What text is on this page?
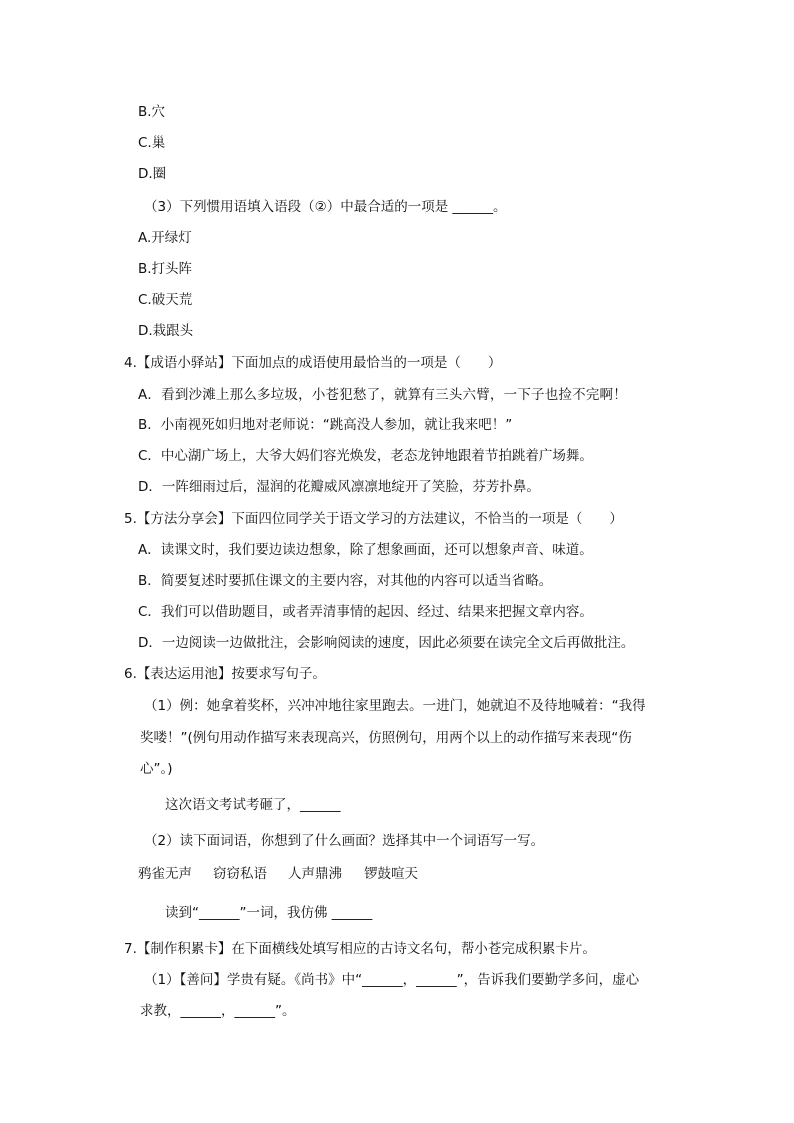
B.穴
C.巢
D.圈
（3）下列惯用语填入语段（②）中最合适的一项是 ______。
A.开绿灯
B.打头阵
C.破天荒
D.栽跟头
4.【成语小驿站】下面加点的成语使用最恰当的一项是（　　）
A．看到沙滩上那么多垃圾，小苍犯愁了，就算有三头六臂，一下子也捡不完啊！
B．小南视死如归地对老师说：“跳高没人参加，就让我来吧！”
C．中心湖广场上，大爷大妈们容光焕发，老态龙钟地跟着节拍跳着广场舞。
D．一阵细雨过后，湿润的花瓣威风凛凛地绽开了笑脸，芬芳扑鼻。
5.【方法分享会】下面四位同学关于语文学习的方法建议，不恰当的一项是（　　）
A．读课文时，我们要边读边想象，除了想象画面，还可以想象声音、味道。
B．简要复述时要抓住课文的主要内容，对其他的内容可以适当省略。
C．我们可以借助题目，或者弄清事情的起因、经过、结果来把握文章内容。
D．一边阅读一边做批注，会影响阅读的速度，因此必须要在读完全文后再做批注。
6.【表达运用池】按要求写句子。
（1）例：她拿着奖杯，兴冲冲地往家里跑去。一进门，她就迫不及待地喊着：“我得
奖喽！”(例句用动作描写来表现高兴，仿照例句，用两个以上的动作描写来表现“伤
心”。)
这次语文考试考砸了，______
（2）读下面词语，你想到了什么画面？选择其中一个词语写一写。
鸦雀无声 窃窃私语 人声鼎沸 锣鼓喧天
读到“______”一词，我仿佛 ______
7.【制作积累卡】在下面横线处填写相应的古诗文名句，帮小苍完成积累卡片。
（1）【善问】学贵有疑。《尚书》中“______，______”，告诉我们要勤学多问，虚心
求教，______，______”。
